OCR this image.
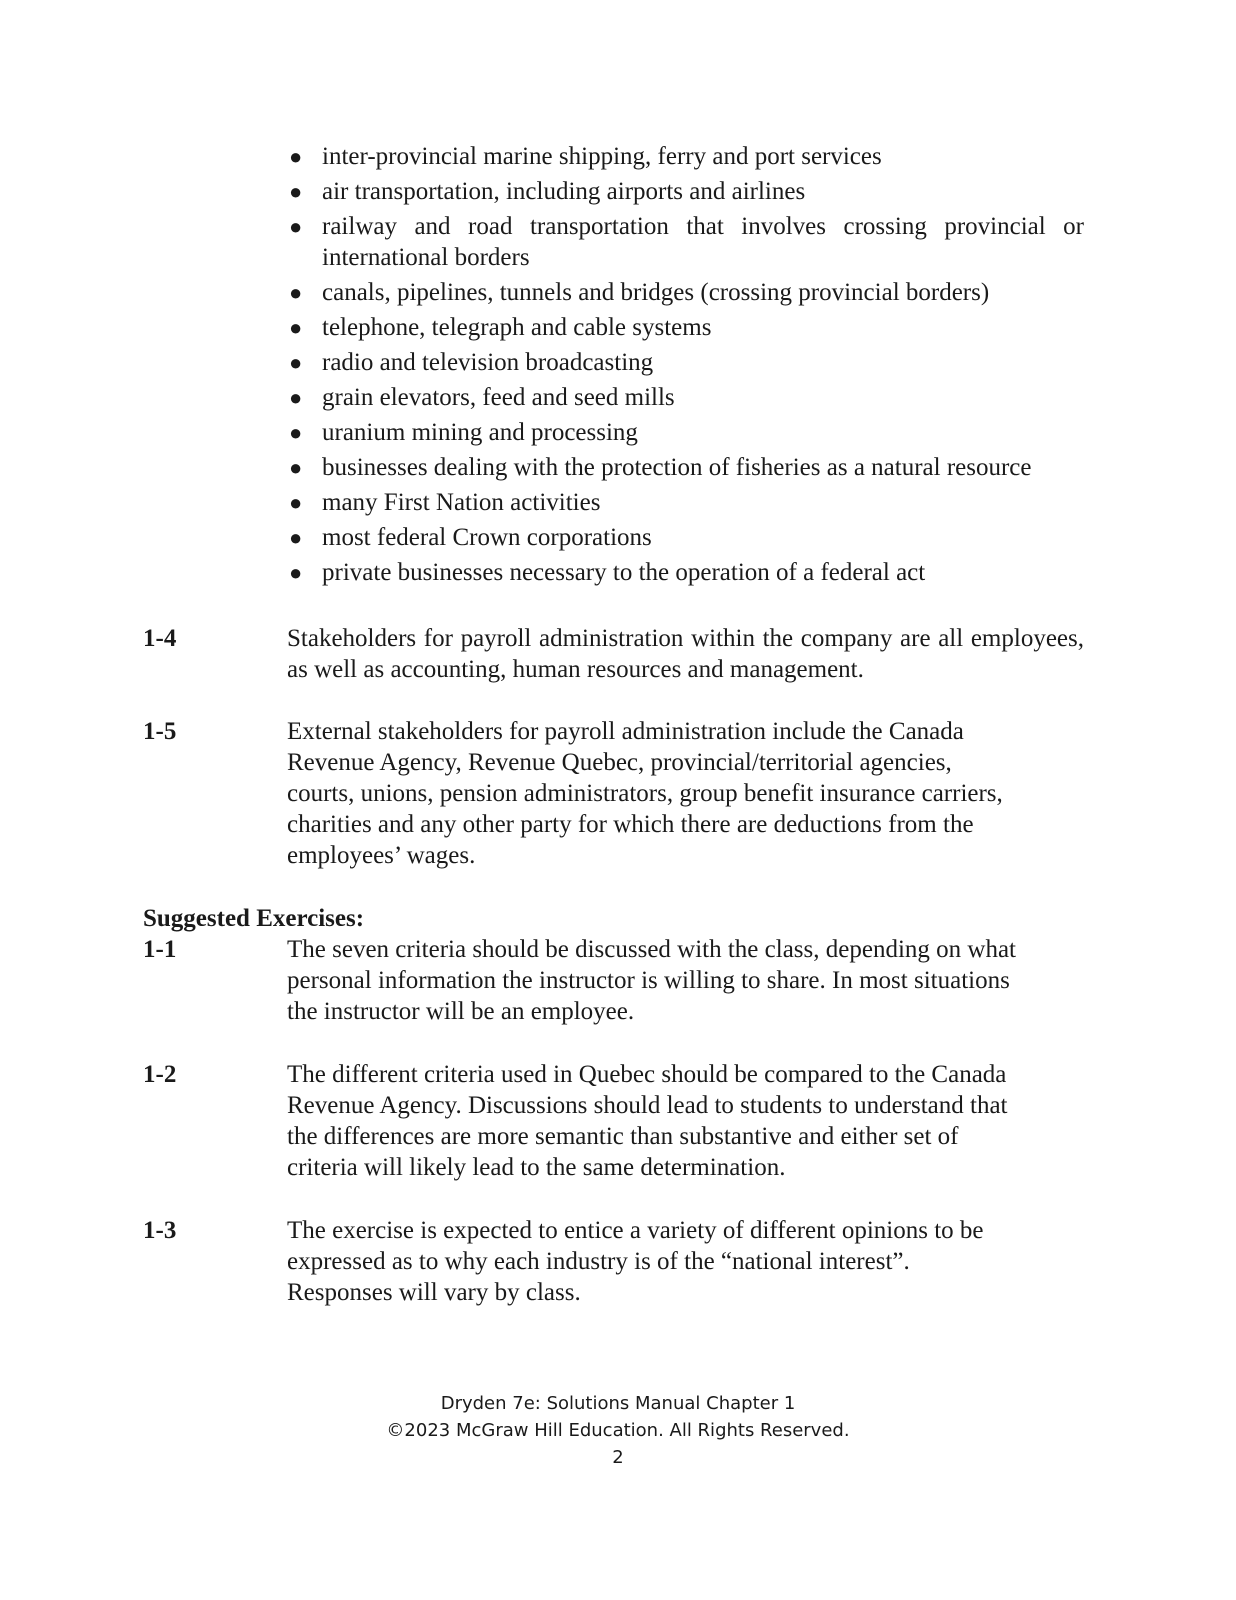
● inter-provincial marine shipping, ferry and port services
● air transportation, including airports and airlines
● railway and road transportation that involves crossing provincial or international borders
● canals, pipelines, tunnels and bridges (crossing provincial borders)
● telephone, telegraph and cable systems
● radio and television broadcasting
● grain elevators, feed and seed mills
● uranium mining and processing
● businesses dealing with the protection of fisheries as a natural resource
● many First Nation activities
● most federal Crown corporations
● private businesses necessary to the operation of a federal act
1-4	Stakeholders for payroll administration within the company are all employees, as well as accounting, human resources and management.
1-5	External stakeholders for payroll administration include the Canada
Revenue Agency, Revenue Quebec, provincial/territorial agencies,
courts, unions, pension administrators, group benefit insurance carriers,
charities and any other party for which there are deductions from the
employees’ wages.
Suggested Exercises:
1-1	The seven criteria should be discussed with the class, depending on what
personal information the instructor is willing to share. In most situations
the instructor will be an employee.
1-2	The different criteria used in Quebec should be compared to the Canada
Revenue Agency. Discussions should lead to students to understand that
the differences are more semantic than substantive and either set of
criteria will likely lead to the same determination.
1-3	The exercise is expected to entice a variety of different opinions to be
expressed as to why each industry is of the “national interest”.
Responses will vary by class.
Dryden 7e: Solutions Manual Chapter 1
©2023 McGraw Hill Education. All Rights Reserved.
2
